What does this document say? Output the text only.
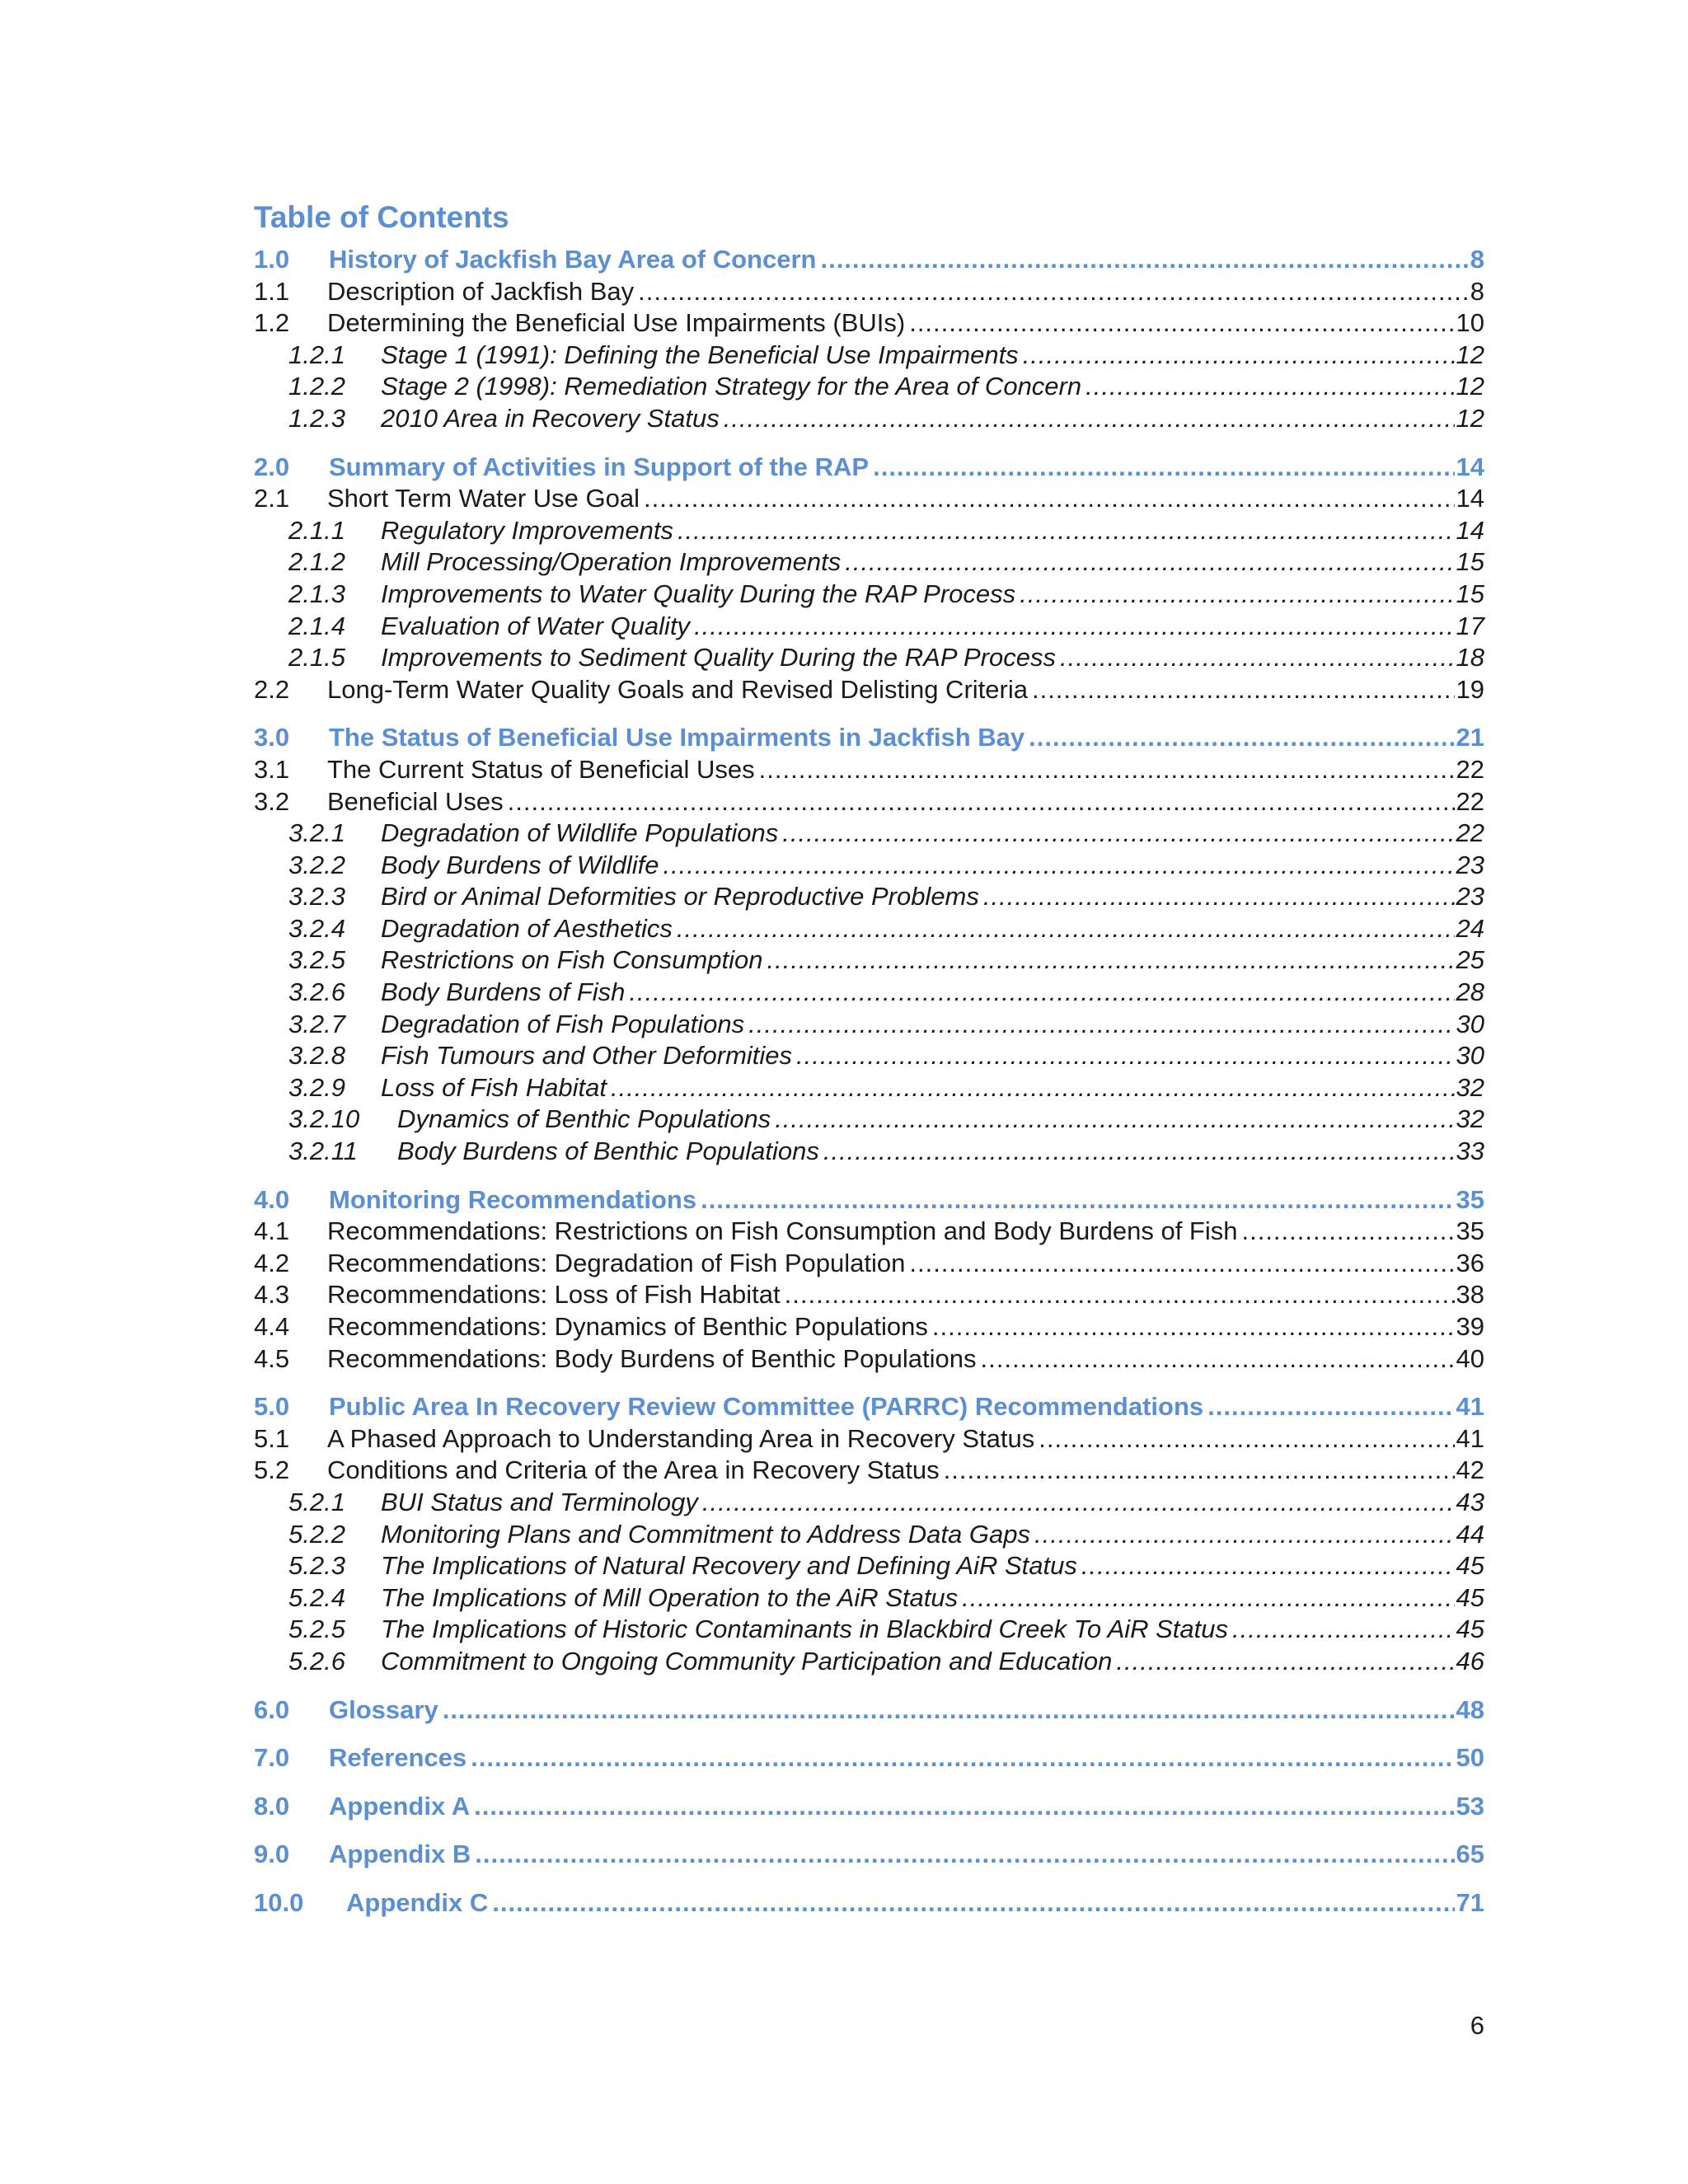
Table of Contents
1.0	History of Jackfish Bay Area of Concern .....	8
1.1	Description of Jackfish Bay .....	8
1.2	Determining the Beneficial Use Impairments (BUIs) .....	10
1.2.1	Stage 1 (1991): Defining the Beneficial Use Impairments .....	12
1.2.2	Stage 2 (1998): Remediation Strategy for the Area of Concern .....	12
1.2.3	2010 Area in Recovery Status .....	12
2.0	Summary of Activities in Support of the RAP .....	14
2.1	Short Term Water Use Goal .....	14
2.1.1	Regulatory Improvements .....	14
2.1.2	Mill Processing/Operation Improvements .....	15
2.1.3	Improvements to Water Quality During the RAP Process .....	15
2.1.4	Evaluation of Water Quality .....	17
2.1.5	Improvements to Sediment Quality During the RAP Process .....	18
2.2	Long-Term Water Quality Goals and Revised Delisting Criteria .....	19
3.0	The Status of Beneficial Use Impairments in Jackfish Bay .....	21
3.1	The Current Status of Beneficial Uses .....	22
3.2	Beneficial Uses .....	22
3.2.1	Degradation of Wildlife Populations .....	22
3.2.2	Body Burdens of Wildlife .....	23
3.2.3	Bird or Animal Deformities or Reproductive Problems .....	23
3.2.4	Degradation of Aesthetics .....	24
3.2.5	Restrictions on Fish Consumption .....	25
3.2.6	Body Burdens of Fish .....	28
3.2.7	Degradation of Fish Populations .....	30
3.2.8	Fish Tumours and Other Deformities .....	30
3.2.9	Loss of Fish Habitat .....	32
3.2.10	Dynamics of Benthic Populations .....	32
3.2.11	Body Burdens of Benthic Populations .....	33
4.0	Monitoring Recommendations .....	35
4.1	Recommendations: Restrictions on Fish Consumption and Body Burdens of Fish .....	35
4.2	Recommendations: Degradation of Fish Population .....	36
4.3	Recommendations: Loss of Fish Habitat .....	38
4.4	Recommendations: Dynamics of Benthic Populations .....	39
4.5	Recommendations: Body Burdens of Benthic Populations .....	40
5.0	Public Area In Recovery Review Committee (PARRC) Recommendations .....	41
5.1	A Phased Approach to Understanding Area in Recovery Status .....	41
5.2	Conditions and Criteria of the Area in Recovery Status .....	42
5.2.1	BUI Status and Terminology .....	43
5.2.2	Monitoring Plans and Commitment to Address Data Gaps .....	44
5.2.3	The Implications of Natural Recovery and Defining AiR Status .....	45
5.2.4	The Implications of Mill Operation to the AiR Status .....	45
5.2.5	The Implications of Historic Contaminants in Blackbird Creek To AiR Status .....	45
5.2.6	Commitment to Ongoing Community Participation and Education .....	46
6.0	Glossary .....	48
7.0	References .....	50
8.0	Appendix A .....	53
9.0	Appendix B .....	65
10.0	Appendix C .....	71
6
